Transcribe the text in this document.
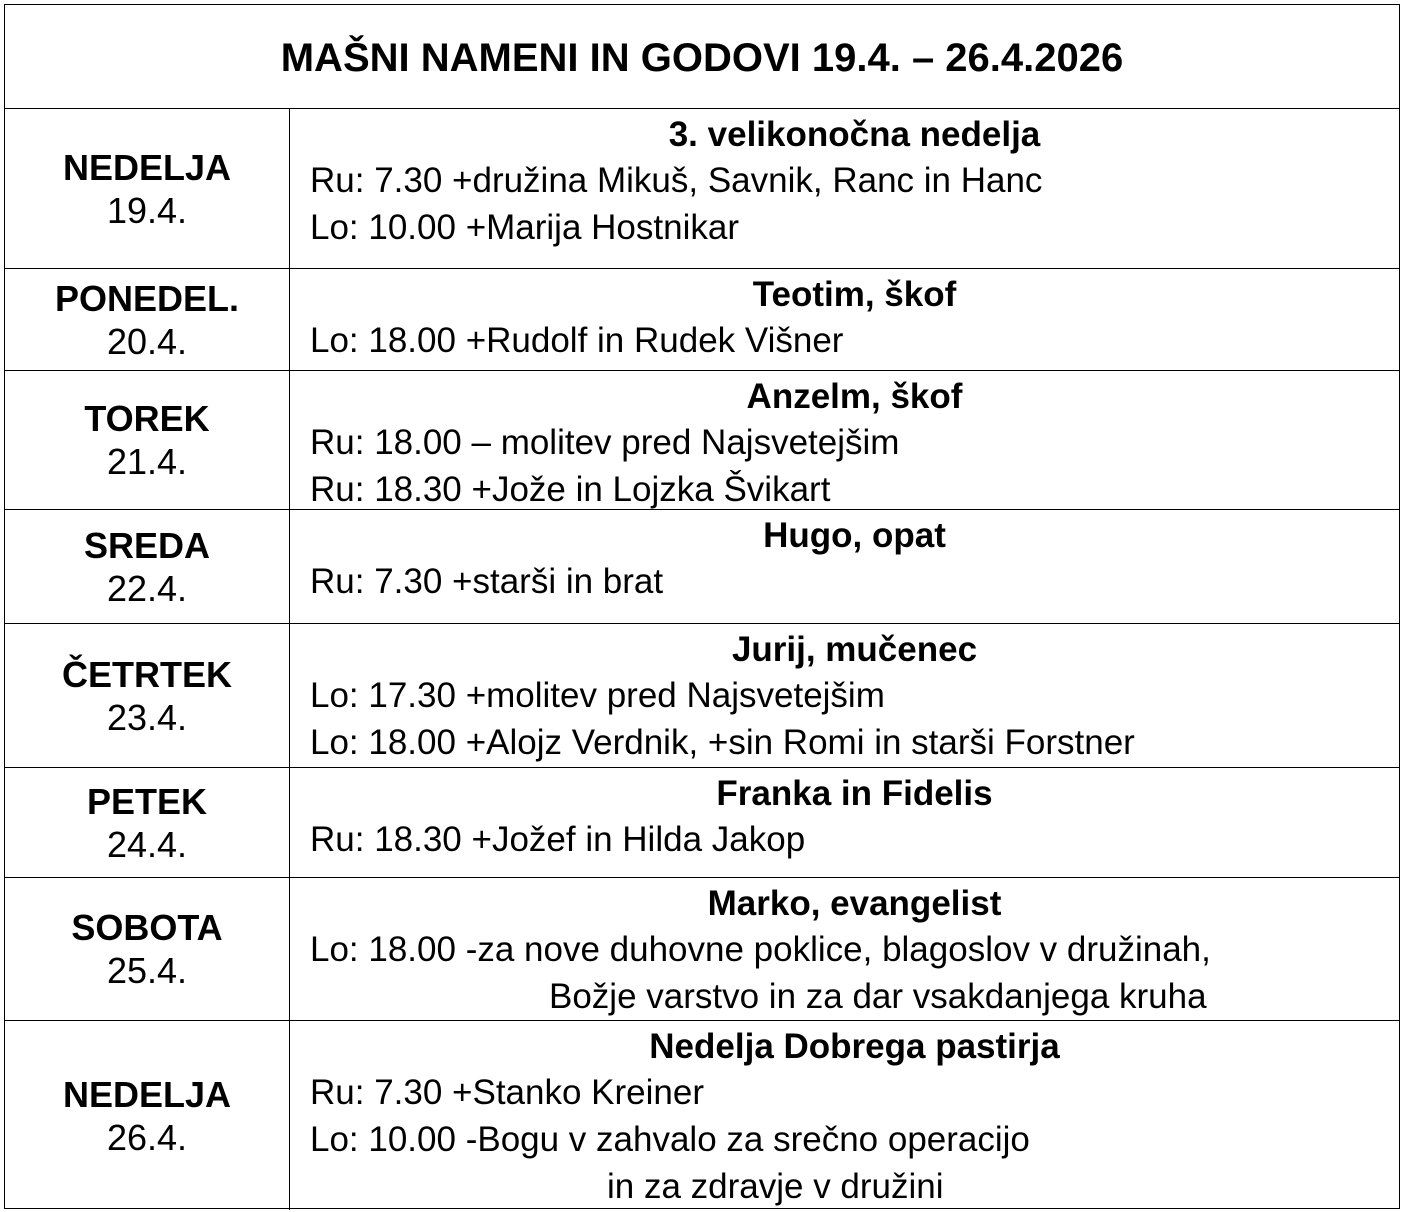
MAŠNI NAMENI IN GODOVI 19.4. – 26.4.2026
NEDELJA
19.4.
3. velikonočna nedelja
Ru: 7.30 +družina Mikuš, Savnik, Ranc in Hanc
Lo: 10.00 +Marija Hostnikar
PONEDEL.
20.4.
Teotim, škof
Lo: 18.00 +Rudolf in Rudek Višner
TOREK
21.4.
Anzelm, škof
Ru: 18.00 – molitev pred Najsvetejšim
Ru: 18.30 +Jože in Lojzka Švikart
SREDA
22.4.
Hugo, opat
Ru: 7.30 +starši in brat
ČETRTEK
23.4.
Jurij, mučenec
Lo: 17.30 +molitev pred Najsvetejšim
Lo: 18.00 +Alojz Verdnik, +sin Romi in starši Forstner
PETEK
24.4.
Franka in Fidelis
Ru: 18.30 +Jožef in Hilda Jakop
SOBOTA
25.4.
Marko, evangelist
Lo: 18.00 -za nove duhovne poklice, blagoslov v družinah,
Božje varstvo in za dar vsakdanjega kruha
NEDELJA
26.4.
Nedelja Dobrega pastirja
Ru: 7.30 +Stanko Kreiner
Lo: 10.00 -Bogu v zahvalo za srečno operacijo
in za zdravje v družini
